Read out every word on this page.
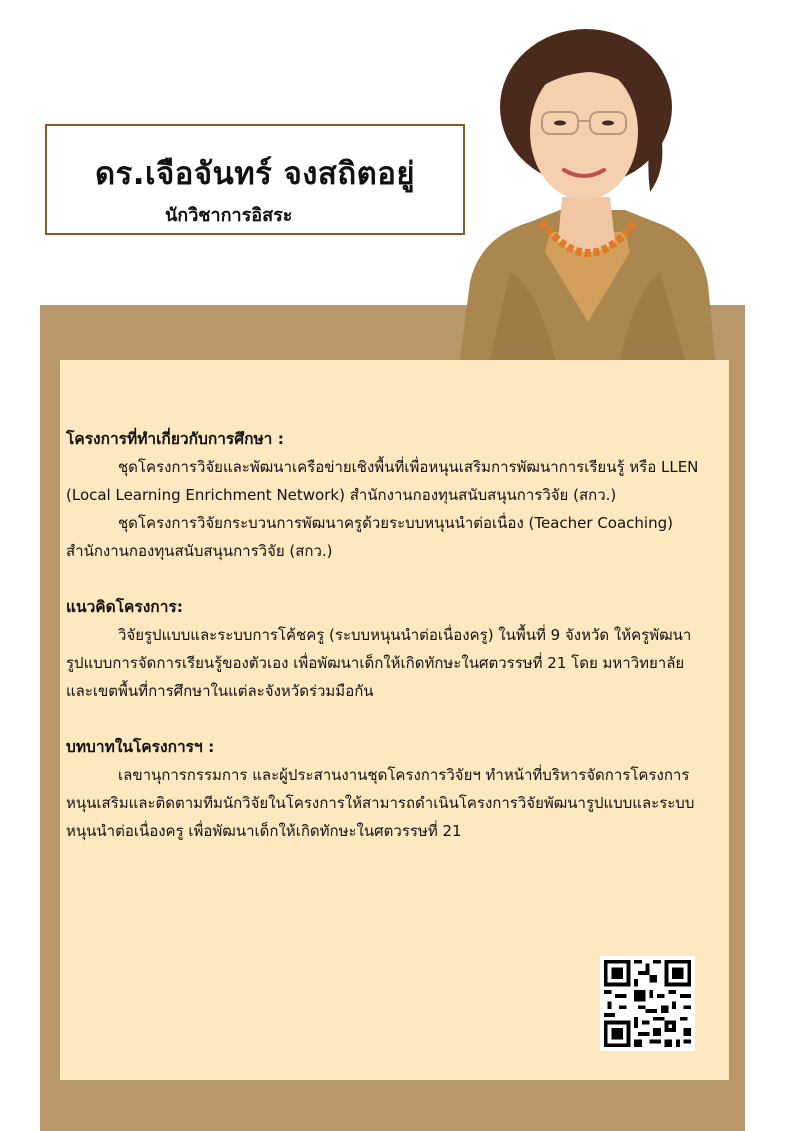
ดร.เจือจันทร์ จงสถิตอยู่
นักวิชาการอิสระ
โครงการที่ทำเกี่ยวกับการศึกษา :

ชุดโครงการวิจัยและพัฒนาเครือข่ายเชิงพื้นที่เพื่อหนุนเสริมการพัฒนาการเรียนรู้ หรือ LLEN

(Local Learning Enrichment Network) สำนักงานกองทุนสนับสนุนการวิจัย (สกว.)

ชุดโครงการวิจัยกระบวนการพัฒนาครูด้วยระบบหนุนนำต่อเนื่อง (Teacher Coaching)

สำนักงานกองทุนสนับสนุนการวิจัย (สกว.)

แนวคิดโครงการ:

วิจัยรูปแบบและระบบการโค้ชครู (ระบบหนุนนำต่อเนื่องครู) ในพื้นที่ 9 จังหวัด ให้ครูพัฒนา

รูปแบบการจัดการเรียนรู้ของตัวเอง เพื่อพัฒนาเด็กให้เกิดทักษะในศตวรรษที่ 21 โดย มหาวิทยาลัย

และเขตพื้นที่การศึกษาในแต่ละจังหวัดร่วมมือกัน

บทบาทในโครงการฯ :

เลขานุการกรรมการ และผู้ประสานงานชุดโครงการวิจัยฯ ทำหน้าที่บริหารจัดการโครงการ

หนุนเสริมและติดตามทีมนักวิจัยในโครงการให้สามารถดำเนินโครงการวิจัยพัฒนารูปแบบและระบบ

หนุนนำต่อเนื่องครู เพื่อพัฒนาเด็กให้เกิดทักษะในศตวรรษที่ 21
